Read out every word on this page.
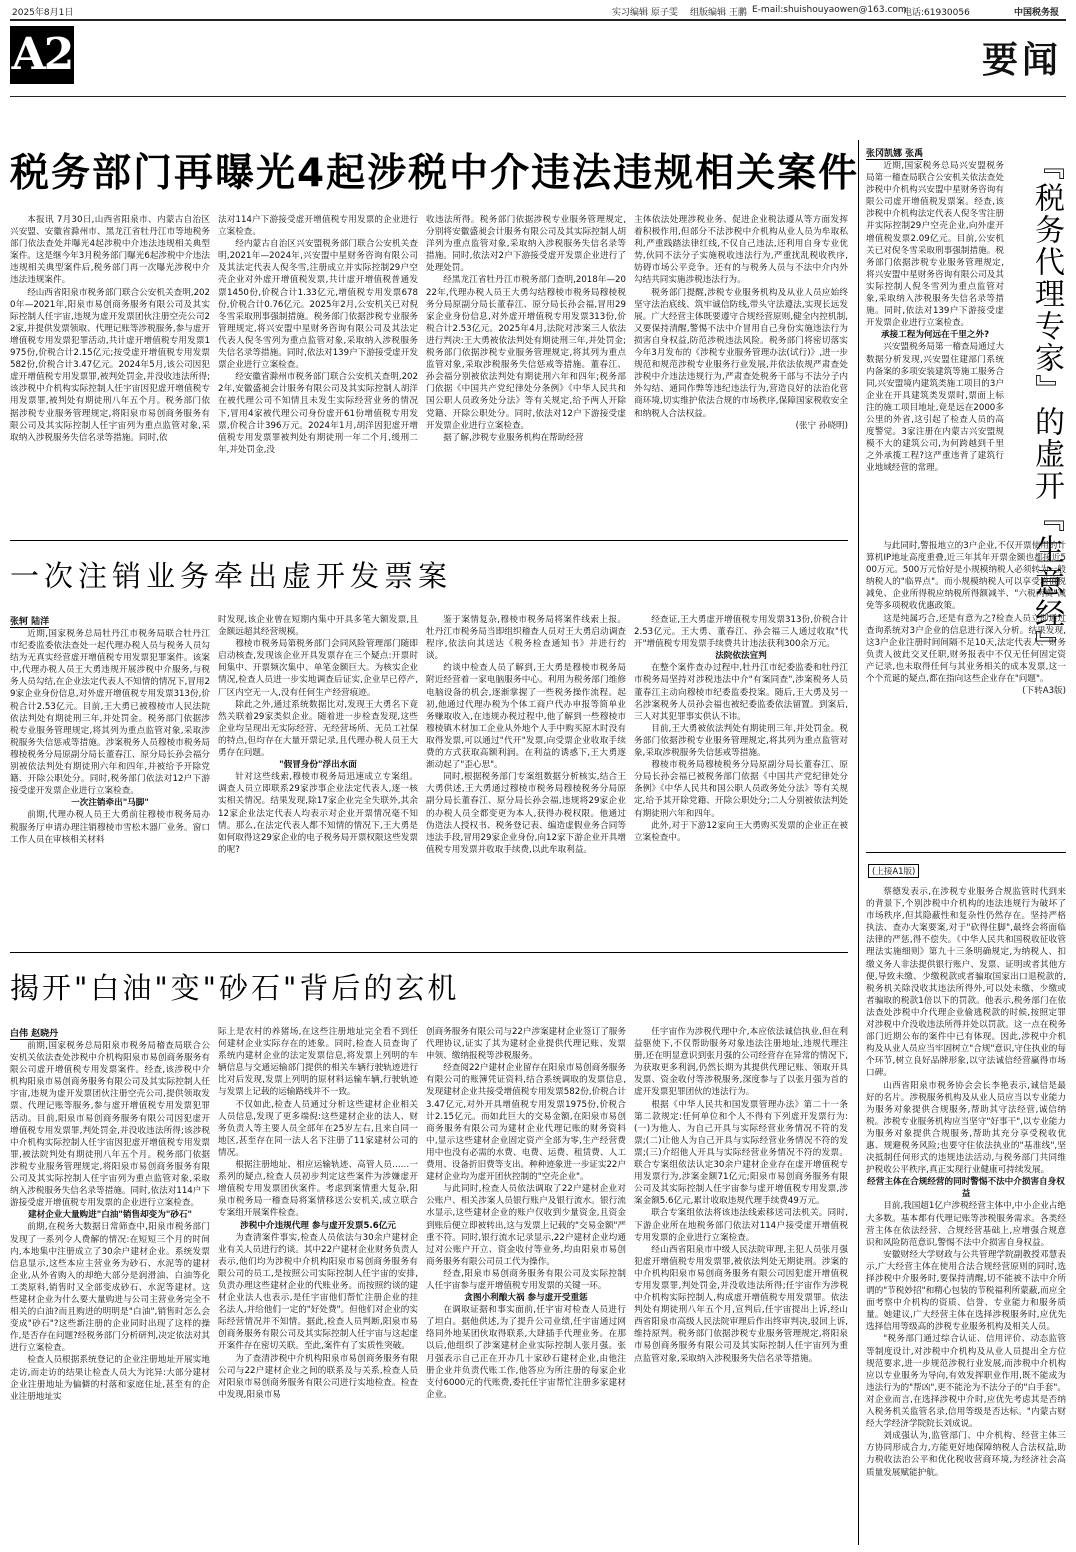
2025年8月1日	实习编辑 原子雯 组版编辑 王鹏 E-mail:shuishouyaowen@163.com
电话:61930056	中国税务报
A2	要闻
税务部门再曝光4起涉税中介违法违规相关案件

本报讯 7月30日,山西省阳泉市、内蒙古自治区兴安盟、安徽省滁州市、黑龙江省牡丹江市等地税务部门依法查处并曝光4起涉税中介违法违规相关典型案件。这是继今年3月税务部门曝光6起涉税中介违法违规相关典型案件后,税务部门再一次曝光涉税中介违法违规案件。

经山西省阳泉市税务部门联合公安机关查明,2020年—2021年,阳泉市易创商务服务有限公司及其实际控制人任宇宙,违规为虚开发票团伙注册空壳公司22家,并提供发票领取、代理记账等涉税服务,参与虚开增值税专用发票犯罪活动,共计虚开增值税专用发票1975份,价税合计2.15亿元;按受虚开增值税专用发票582份,价税合计3.47亿元。2024年5月,该公司因犯虚开增值税专用发票罪,被判处罚金,并没收违法所得;该涉税中介机构实际控制人任宇宙因犯虚开增值税专用发票罪,被判处有期徒刑八年五个月。税务部门依据涉税专业服务管理规定,将阳泉市易创商务服务有限公司及其实际控制人任宇宙列为重点监管对象,采取纳入涉税服务失信名录等措施。同时,依

法对114户下游接受虚开增值税专用发票的企业进行立案检查。

经内蒙古自治区兴安盟税务部门联合公安机关查明,2021年—2024年,兴安盟中星财务咨询有限公司及其法定代表人倪冬雪,注册成立并实际控制29户空壳企业对外虚开增值税发票,共计虚开增值税普通发票1450份,价税合计1.33亿元,增值税专用发票678份,价税合计0.76亿元。2025年2月,公安机关已对倪冬雪采取刑事强制措施。税务部门依据涉税专业服务管理规定,将兴安盟中星财务咨询有限公司及其法定代表人倪冬雪列为重点监管对象,采取纳入涉税服务失信名录等措施。同时,依法对139户下游接受虚开发票企业进行立案检查。

经安徽省滁州市税务部门联合公安机关查明,2022年,安徽盛昶会计服务有限公司及其实际控制人胡洋在被代理公司不知情且未发生实际经营业务的情况下,冒用4家被代理公司身份虚开61份增值税专用发票,价税合计396万元。2024年1月,胡洋因犯虚开增值税专用发票罪被判处有期徒刑一年二个月,缓刑二年,并处罚金,没

收违法所得。税务部门依据涉税专业服务管理规定,分别将安徽盛昶会计服务有限公司及其实际控制人胡洋列为重点监管对象,采取纳入涉税服务失信名录等措施。同时,依法对2户下游接受虚开发票企业进行了处理处罚。

经黑龙江省牡丹江市税务部门查明,2018年—2022年,代理办税人员王大勇勾结穆棱市税务局穆棱税务分局原副分局长董春江、原分局长孙会福,冒用29家企业身份信息,对外虚开增值税专用发票313份,价税合计2.53亿元。2025年4月,法院对涉案三人依法进行判决:王大勇被依法判处有期徒刑三年,并处罚金;税务部门依据涉税专业服务管理规定,将其列为重点监管对象,采取涉税服务失信惩戒等措施。董春江、孙会福分别被依法判处有期徒刑六年和四年;税务部门依据《中国共产党纪律处分条例》《中华人民共和国公职人员政务处分法》等有关规定,给予两人开除党籍、开除公职处分。同时,依法对12户下游接受虚开发票企业进行立案检查。

据了解,涉税专业服务机构在帮助经营

主体依法处理涉税业务、促进企业税法遵从等方面发挥着积极作用,但部分不法涉税中介机构从业人员为牟取私利,严重践踏法律红线,不仅自己违法,还利用自身专业优势,伙同不法分子实施税收违法行为,严重扰乱税收秩序,妨碍市场公平竞争。还有的与税务人员与不法中介内外勾结共同实施涉税违法行为。

税务部门提醒,涉税专业服务机构及从业人员应始终坚守法治底线、筑牢诚信防线,带头守法遵法,实现长远发展。广大经营主体既要遵守合规经营原则,健全内控机制,又要保持清醒,警惕不法中介冒用自己身份实施违法行为损害自身权益,防范涉税违法风险。税务部门将密切落实今年3月发布的《涉税专业服务管理办法(试行)》,进一步规范和规范涉税专业服务行业发展,并依法依规严肃查处涉税中介违法违规行为,严肃查处税务干部与不法分子内外勾结、通同作弊等违纪违法行为,营造良好的法治化营商环境,切实维护依法合规的市场秩序,保障国家税收安全和纳税人合法权益。

(张宁 孙晓明)

一次注销业务牵出虚开发票案
张轲 陆洋

近期,国家税务总局牡丹江市税务局联合牡丹江市纪委监委依法查处一起代理办税人员与税务人员勾结为无真实经营虚开增值税专用发票犯罪案件。该案中,代理办税人员王大勇违规开展涉税中介服务,与税务人员勾结,在企业法定代表人不知情的情况下,冒用29家企业身份信息,对外虚开增值税专用发票313份,价税合计2.53亿元。目前,王大勇已被穆棱市人民法院依法判处有期徒刑三年,并处罚金。税务部门依据涉税专业服务管理规定,将其列为重点监管对象,采取涉税服务失信惩戒等措施。涉案税务人员穆棱市税务局穆棱税务分局原副分局长董春江、原分局长孙会福分别被依法判处有期徒刑六年和四年,并被给予开除党籍、开除公职处分。同时,税务部门依法对12户下游接受虚开发票企业进行立案检查。

一次注销牵出"马脚"

前期,代理办税人员王大勇前往穆棱市税务局办税服务厅申请办理注销穆棱市雪松木器厂业务。窗口工作人员在审核相关材料

时发现,该企业曾在短期内集中开具多笔大额发票,且金额远超其经营规模。

穆棱市税务局第税务部门会同风险管理部门随即启动核查,发现该企业开具发票存在三个疑点:开票时间集中、开票频次集中、单笔金额巨大。为核实企业情况,检查人员进一步实地调查后证实,企业早已停产,厂区内空无一人,没有任何生产经营痕迹。

除此之外,通过系统数据比对,发现王大勇名下竟然关联着29家类似企业。随着进一步检查发现,这些企业均呈现出无实际经营、无经营场所、无员工社保的特点,但均存在大量开票记录,且代理办税人员王大勇存在问题。

"假冒身份"浮出水面

针对这些线索,穆棱市税务局迅速成立专案组。调查人员立即联系29家涉事企业法定代表人,逐一核实相关情况。结果发现,除17家企业完全失联外,其余12家企业法定代表人均表示对企业开票情况毫不知情。那么,在法定代表人都不知情的情况下,王大勇是如何取得这29家企业的电子税务局开票权限这些发票的呢?

鉴于案情复杂,穆棱市税务局将案件线索上报。牡丹江市税务局当即组织稽查人员对王大勇启动调查程序,依法向其送达《税务检查通知书》并进行约谈。

约谈中检查人员了解到,王大勇是穆棱市税务局附近经营着一家电脑服务中心。利用为税务部门维修电脑设备的机会,逐渐掌握了一些税务操作流程。起初,他通过代理办税为个体工商户代办申报等简单业务赚取收入,在违规办税过程中,他了解到一些穆棱市穆棱镇木材加工企业从外地个人手中购买原木时没有取得发票,可以通过"代开"发票,向受票企业收取手续费的方式获取高额利润。在利益的诱惑下,王大勇逐渐动起了"歪心思"。

同时,根据税务部门专案组数据分析核实,结合王大勇供述,王大勇通过穆棱市税务局穆棱税务分局原副分局长董春江、原分局长孙会福,违规将29家企业的办税人员全都变更为本人,获得办税权限。他通过伪造法人授权书、税务登记表、编造虚假业务合同等违法手段,冒用29家企业身份,向12家下游企业开具增值税专用发票并收取手续费,以此牟取利益。

经查证,王大勇虚开增值税专用发票313份,价税合计2.53亿元。王大勇、董春江、孙会福三人通过收取"代开"增值税专用发票手续费共计违法获利300余万元。

法院依法宣判

在整个案件查办过程中,牡丹江市纪委监委和牡丹江市税务局坚持对涉税违法中介"有案同查",涉案税务人员董春江主动向穆棱市纪委监委投案。随后,王大勇及另一名涉案税务人员孙会福也被纪委监委依法留置。到案后,三人对其犯罪事实供认不讳。

目前,王大勇被依法判处有期徒刑三年,并处罚金。税务部门依据涉税专业服务管理规定,将其列为重点监管对象,采取涉税服务失信惩戒等措施。

穆棱市税务局穆棱税务分局原副分局长董春江、原分局长孙会福已被税务部门依据《中国共产党纪律处分条例》《中华人民共和国公职人员政务处分法》等有关规定,给予其开除党籍、开除公职处分;二人分别被依法判处有期徒刑六年和四年。

此外,对于下游12家向王大勇购买发票的企业正在被立案检查中。

揭开"白油"变"砂石"背后的玄机
白伟 赵晓丹

前期,国家税务总局阳泉市税务局稽查局联合公安机关依法查处涉税中介机构阳泉市易创商务服务有限公司虚开增值税专用发票案件。经查,该涉税中介机构阳泉市易创商务服务有限公司及其实际控制人任宇宙,违规为虚开发票团伙注册空壳公司,提供领取发票、代理记账等服务,参与虚开增值税专用发票犯罪活动。目前,阳泉市易创商务服务有限公司因犯虚开增值税专用发票罪,判处罚金,并没收违法所得;该涉税中介机构实际控制人任宇宙因犯虚开增值税专用发票罪,被法院判处有期徒刑八年五个月。税务部门依据涉税专业服务管理规定,将阳泉市易创商务服务有限公司及其实际控制人任宇宙列为重点监管对象,采取纳入涉税服务失信名录等措施。同时,依法对114户下游接受虚开增值税专用发票的企业进行立案检查。

建材企业大量购进"白油"销售却变为"砂石"

前期,在税务大数据日常筛查中,阳泉市税务部门发现了一系列令人费解的情况:在短短三个月的时间内,本地集中注册成立了30余户建材企业。系统发票信息显示,这些本应主营业务为砂石、水泥等的建材企业,从外省购入的却绝大部分是润滑油、白油等化工类原料,销售时又全部变成砂石、水泥等建材。这些建材企业为什么要大量购进与公司主营业务完全不相关的白油?而且购进的明明是"白油",销售时怎么会变成"砂石"?这些新注册的企业同时出现了这样的操作,是否存在问题?经税务部门分析研判,决定依法对其进行立案检查。

检查人员根据系统登记的企业注册地址开展实地走访,而走访的结果让检查人员大为诧异:大部分建材企业注册地址为偏僻的村落和家庭住址,甚至有的企业注册地址实

际上是农村的养猪场,在这些注册地址完全看不到任何建材企业实际存在的迹象。同时,检查人员查询了系统内建材企业的法定发票信息,将发票上列明的车辆信息与交通运输部门提供的相关车辆行驶轨迹进行比对后发现,发票上列明的原材料运输车辆,行驶轨迹与发票上记载的运输路线并不一致。

不仅如此,检查人员通过分析这些建材企业相关人员信息,发现了更多端倪:这些建材企业的法人、财务负责人等主要人员全部年在25岁左右,且来自同一地区,甚至存在同一法人名下注册了11家建材公司的情况。

根据注册地址、相应运输轨迹、高管人员……一系列的疑点,检查人员初步判定这些案件为涉嫌虚开增值税专用发票团伙案件。考虑到案情重大复杂,阳泉市税务局一稽查局将案情移送公安机关,成立联合专案组开展案件检查。

涉税中介违规代理 参与虚开发票5.6亿元

为查清案件事实,检查人员依法与30余户建材企业有关人员进行约谈。其中22户建材企业财务负责人表示,他们均为涉税中介机构阳泉市易创商务服务有限公司的员工,是按照公司实际控制人任宇宙的安排,负责办理这些建材企业的代账业务。而按照约谈的建材企业法人也表示,是任宇宙他们帮忙注册企业的挂名法人,并给他们一定的"好处费"。但他们对企业的实际经营情况并不知情。据此,检查人员判断,阳泉市易创商务服务有限公司及其实际控制人任宇宙与这起虚开案件存在密切关联。至此,案件有了实质性突破。

为了查清涉税中介机构阳泉市易创商务服务有限公司与22户建材企业之间的联系及与关系,检查人员对阳泉市易创商务服务有限公司进行实地检查。检查中发现,阳泉市易

创商务服务有限公司与22户涉案建材企业签订了服务代理协议,证实了其为建材企业提供代理记账、发票申领、缴纳报税等涉税服务。

经查阅22户建材企业留存在阳泉市易创商务服务有限公司的账簿凭证资料,结合系统调取的发票信息,发现建材企业共接受增值税专用发票582份,价税合计3.47亿元,对外开具增值税专用发票1975份,价税合计2.15亿元。而如此巨大的交易金额,在阳泉市易创商务服务有限公司为建材企业代理记账的财务资料中,显示这些建材企业固定资产全部为零,生产经营费用中也没有必需的水费、电费、运费、租赁费、人工费用、设备折旧费等支出。种种迹象进一步证实22户建材企业均为虚开团伙控制的"空壳企业"。

与此同时,检查人员依法调取了22户建材企业对公账户、相关涉案人员银行账户及银行流水。银行流水显示,这些建材企业的账户仅收到少量资金,且资金到账后便立即被转出,这与发票上记载的"交易金额"严重不符。同时,银行流水记录显示,22户建材企业均通过对公账户开立、资金收付等业务,均由阳泉市易创商务服务有限公司员工代为操作。

经查,阳泉市易创商务服务有限公司及实际控制人任宇宙参与虚开增值税专用发票的关键一环。

贪图小利酿大祸 参与虚开受重惩

在调取证据和事实面前,任宇宙对检查人员进行了坦白。据他供述,为了提升公司业绩,任宇宙通过网络同外地某团伙取得联系,大肆插手代理业务。在那以后,他组织了涉案建材企业实际控制人张月强。张月强表示自己正在开办几十家砂石建材企业,由他注册企业并负责代账工作,他答应为所注册的每家企业支付6000元的代账费,委托任宇宙帮忙注册多家建材企业。

任宇宙作为涉税代理中介,本应依法诚信执业,但在利益驱使下,不仅帮助服务对象违法注册地址,违规代理注册,还在明显意识到张月强的公司经营存在异常的情况下,为获取更多利润,仍然长期为其提供代理记账、领取开具发票、资金收付等涉税服务,深度参与了以张月强为首的虚开发票犯罪团伙的违法行为。

根据《中华人民共和国发票管理办法》第二十一条第二款规定:任何单位和个人不得有下列虚开发票行为:(一)为他人、为自己开具与实际经营业务情况不符的发票;(二)让他人为自己开具与实际经营业务情况不符的发票;(三)介绍他人开具与实际经营业务情况不符的发票。联合专案组依法认定30余户建材企业存在虚开增值税专用发票行为,涉案金额71亿元;阳泉市易创商务服务有限公司及其实际控制人任宇宙参与虚开增值税专用发票,涉案金额5.6亿元,累计收取违规代理手续费49万元。

联合专案组依法将该违法线索移送司法机关。同时,下游企业所在地税务部门依法对114户接受虚开增值税专用发票的企业进行立案检查。

经山西省阳泉市中级人民法院审理,主犯人员张月强犯虚开增值税专用发票罪,被依法判处无期徒刑。涉案的中介机构阳泉市易创商务服务有限公司因犯虚开增值税专用发票罪,判处罚金,并没收违法所得;任宇宙作为涉税中介机构实际控制人,构成虚开增值税专用发票罪。依法判处有期徒刑八年五个月,宣判后,任宇宙提出上诉,经山西省阳泉市高级人民法院审理后作出终审判决,驳回上诉,维持原判。税务部门依据涉税专业服务管理规定,将阳泉市易创商务服务有限公司及其实际控制人任宇宙列为重点监管对象,采取纳入涉税服务失信名录等措施。

张冈凯娜 张禹	『税务代理专家』的虚开『生意经』

近期,国家税务总局兴安盟税务局第一稽查局联合公安机关依法查处涉税中介机构兴安盟中星财务咨询有限公司虚开增值税发票案。经查,该涉税中介机构法定代表人倪冬雪注册并实际控制29户空壳企业,向外虚开增值税发票2.09亿元。目前,公安机关已对倪冬雪采取刑事强制措施。税务部门依据涉税专业服务管理规定,将兴安盟中星财务咨询有限公司及其实际控制人倪冬雪列为重点监管对象,采取纳入涉税服务失信名录等措施。同时,依法对139户下游接受虚开发票企业进行立案检查。

承接工程为何远在千里之外?

兴安盟税务局第一稽查局通过大数据分析发现,兴安盟住建部门系统内备案的多项安装建筑等施工服务合同,兴安盟境内建筑类施工项目的3户企业在开具建筑类发票时,票面上标注的施工项目地址,竟是远在2000多公里的外省,这引起了检查人员的高度警觉。3家注册在内蒙古兴安盟规模不大的建筑公司,为何跨越到千里之外承揽工程?这严重违背了建筑行业地域经营的常理。

与此同时,警报地立的3户企业,不仅开票使用的计算机IP地址高度重叠,近三年其年开票金额也都接近500万元。500万元恰好是小规模纳税人必须转为一般纳税人的"临界点"。而小规模纳税人可以享受增值税减免、企业所得税应纳税所得额减半、"六税两费"减免等多项税收优惠政策。

这是纯属巧合,还是有意为之?检查人员立即通过查询系统对3户企业的信息进行深入分析。结果发现,这3户企业注册时间间隔不足10天,法定代表人、财务负责人彼此交叉任职,财务报表中不仅无任何固定资产记录,也未取得任何与其业务相关的成本发票,这一个个荒诞的疑点,都在指向这些企业存在"问题"。

(下转A3版)

(上接A1版)

蔡德发表示,在涉税专业服务合规监管时代到来的背景下,个别涉税中介机构的违法违规行为破坏了市场秩序,但其隐蔽性和复杂性仍然存在。坚持严格执法、查办大案要案,对于"砍得住脚",最终会将面临法律的严惩,得不偿失。《中华人民共和国税收征收管理法实施细则》第九十三条明确规定,为纳税人、扣缴义务人非法提供银行账户、发票、证明或者其他方便,导致未缴、少缴税款或者骗取国家出口退税款的,税务机关除没收其违法所得外,可以处未缴、少缴或者骗取的税款1倍以下的罚款。他表示,税务部门在依法查处涉税中介代理企业偷逃税款的时候,按照定罪对涉税中介没收违法所得并处以罚款。这一点在税务部门近期公布的案件中已有体现。因此,涉税中介机构及从业人员应当牢固树立"合规"意识,守住执业的每个环节,树立良好品牌形象,以守法诚信经营赢得市场口碑。

山西省阳泉市税务协会会长李艳表示,诚信是最好的名片。涉税服务机构及从业人员应当以专业能力为服务对象提供合规服务,帮助其守法经营,诚信纳税。涉税专业服务机构应当坚守"好事干",以专业能力为服务对象提供合规服务,帮助其充分享受税收优惠、规避税务风险;也要守住依法执业的"基准线",坚决抵制任何形式的违规违法活动,与税务部门共同维护税收公平秩序,真正实现行业健康可持续发展。

经营主体在合规经营的同时警惕不法中介损害自身权益

目前,我国超1亿户涉税经营主体中,中小企业占绝大多数。基本都有代理记账等涉税服务需求。各类经营主体在依法经营、合规经营基础上,应增强合规意识和风险防范意识,警惕不法中介损害自身权益。

安徽财经大学财政与公共管理学院副教授邓慧表示,广大经营主体在使用合法合规经营原则的同时,选择涉税中介服务时,要保持清醒,切不能被不法中介所谓的"节税妙招"和精心包装的节税福利所蒙蔽,而应全面考察中介机构的资质、信誉、专业能力和服务质量。她建议,广大经营主体在选择涉税服务时,应优先选择信用等级高的涉税专业服务机构及相关人员。

"税务部门通过综合认证、信用评价、动态监管等制度设计,对涉税中介机构及从业人员提出全方位规范要求,进一步规范涉税行业发展,而涉税中介机构应以专业服务为导向,有效发挥职业作用,既不能成为违法行为的"帮凶",更不能沦为不法分子的"白手套"。对企业而言,在选择涉税中介时,应优先考虑其是否纳入税务机关监管名录,信用等级是否达标。"内蒙古财经大学经济学院院长刘成说。

刘成强认为,监管部门、中介机构、经营主体三方协同形成合力,方能更好地保障纳税人合法权益,助力税收法治公平和优化税收营商环境,为经济社会高质量发展赋能护航。
